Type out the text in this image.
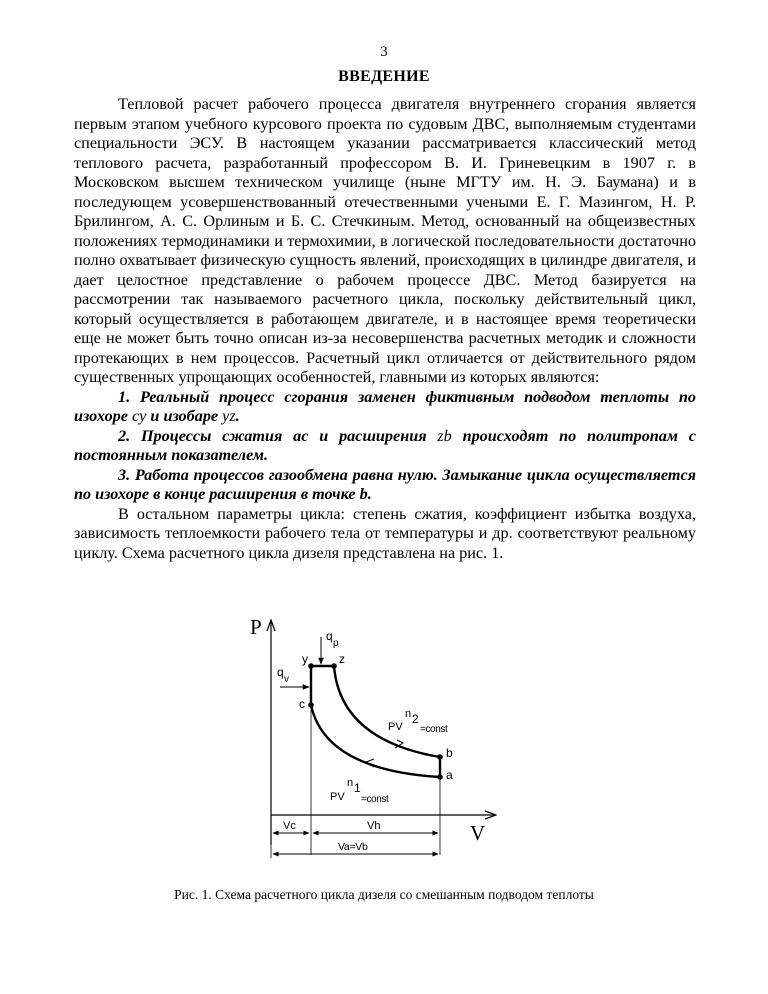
3
ВВЕДЕНИЕ

Тепловой расчет рабочего процесса двигателя внутреннего сгорания является первым этапом учебного курсового проекта по судовым ДВС, выполняемым студентами специальности ЭСУ. В настоящем указании рассматривается классический метод теплового расчета, разработанный профессором В. И. Гриневецким в 1907 г. в Московском высшем техническом училище (ныне МГТУ им. Н. Э. Баумана) и в последующем усовершенствованный отечественными учеными Е. Г. Мазингом, Н. Р. Брилингом, А. С. Орлиным и Б. С. Стечкиным. Метод, основанный на общеизвестных положениях термодинамики и термохимии, в логической последовательности достаточно полно охватывает физическую сущность явлений, происходящих в цилиндре двигателя, и дает целостное представление о рабочем процессе ДВС. Метод базируется на рассмотрении так называемого расчетного цикла, поскольку действительный цикл, который осуществляется в работающем двигателе, и в настоящее время теоретически еще не может быть точно описан из-за несовершенства расчетных методик и сложности протекающих в нем процессов. Расчетный цикл отличается от действительного рядом существенных упрощающих особенностей, главными из которых являются:

1. Реальный процесс сгорания заменен фиктивным подводом теплоты по изохоре cy и изобаре yz.

2. Процессы сжатия ас и расширения zb происходят по политропам с постоянным показателем.

3. Работа процессов газообмена равна нулю. Замыкание цикла осуществляется по изохоре в конце расширения в точке b.

В остальном параметры цикла: степень сжатия, коэффициент избытка воздуха, зависимость теплоемкости рабочего тела от температуры и др. соответствуют реальному циклу. Схема расчетного цикла дизеля представлена на рис. 1.

P
V
y	z
c
b
a
q
p
q
v
n 2
PV =const
n 1
PV =const
Vc	Vh
Va=Vb
Рис. 1. Схема расчетного цикла дизеля со смешанным подводом теплоты
